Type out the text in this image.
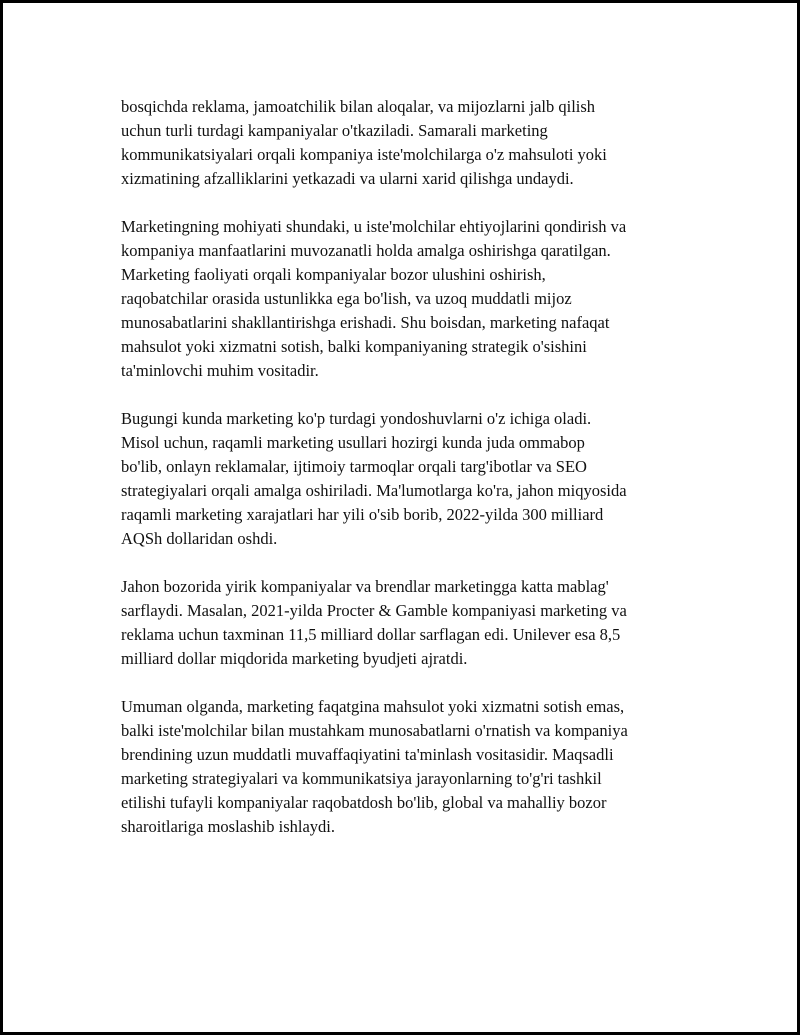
bosqichda reklama, jamoatchilik bilan aloqalar, va mijozlarni jalb qilish
uchun turli turdagi kampaniyalar o'tkaziladi. Samarali marketing
kommunikatsiyalari orqali kompaniya iste'molchilarga o'z mahsuloti yoki
xizmatining afzalliklarini yetkazadi va ularni xarid qilishga undaydi.

Marketingning mohiyati shundaki, u iste'molchilar ehtiyojlarini qondirish va
kompaniya manfaatlarini muvozanatli holda amalga oshirishga qaratilgan.
Marketing faoliyati orqali kompaniyalar bozor ulushini oshirish,
raqobatchilar orasida ustunlikka ega bo'lish, va uzoq muddatli mijoz
munosabatlarini shakllantirishga erishadi. Shu boisdan, marketing nafaqat
mahsulot yoki xizmatni sotish, balki kompaniyaning strategik o'sishini
ta'minlovchi muhim vositadir.

Bugungi kunda marketing ko'p turdagi yondoshuvlarni o'z ichiga oladi.
Misol uchun, raqamli marketing usullari hozirgi kunda juda ommabop
bo'lib, onlayn reklamalar, ijtimoiy tarmoqlar orqali targ'ibotlar va SEO
strategiyalari orqali amalga oshiriladi. Ma'lumotlarga ko'ra, jahon miqyosida
raqamli marketing xarajatlari har yili o'sib borib, 2022-yilda 300 milliard
AQSh dollaridan oshdi.

Jahon bozorida yirik kompaniyalar va brendlar marketingga katta mablag'
sarflaydi. Masalan, 2021-yilda Procter & Gamble kompaniyasi marketing va
reklama uchun taxminan 11,5 milliard dollar sarflagan edi. Unilever esa 8,5
milliard dollar miqdorida marketing byudjeti ajratdi.

Umuman olganda, marketing faqatgina mahsulot yoki xizmatni sotish emas,
balki iste'molchilar bilan mustahkam munosabatlarni o'rnatish va kompaniya
brendining uzun muddatli muvaffaqiyatini ta'minlash vositasidir. Maqsadli
marketing strategiyalari va kommunikatsiya jarayonlarning to'g'ri tashkil
etilishi tufayli kompaniyalar raqobatdosh bo'lib, global va mahalliy bozor
sharoitlariga moslashib ishlaydi.
